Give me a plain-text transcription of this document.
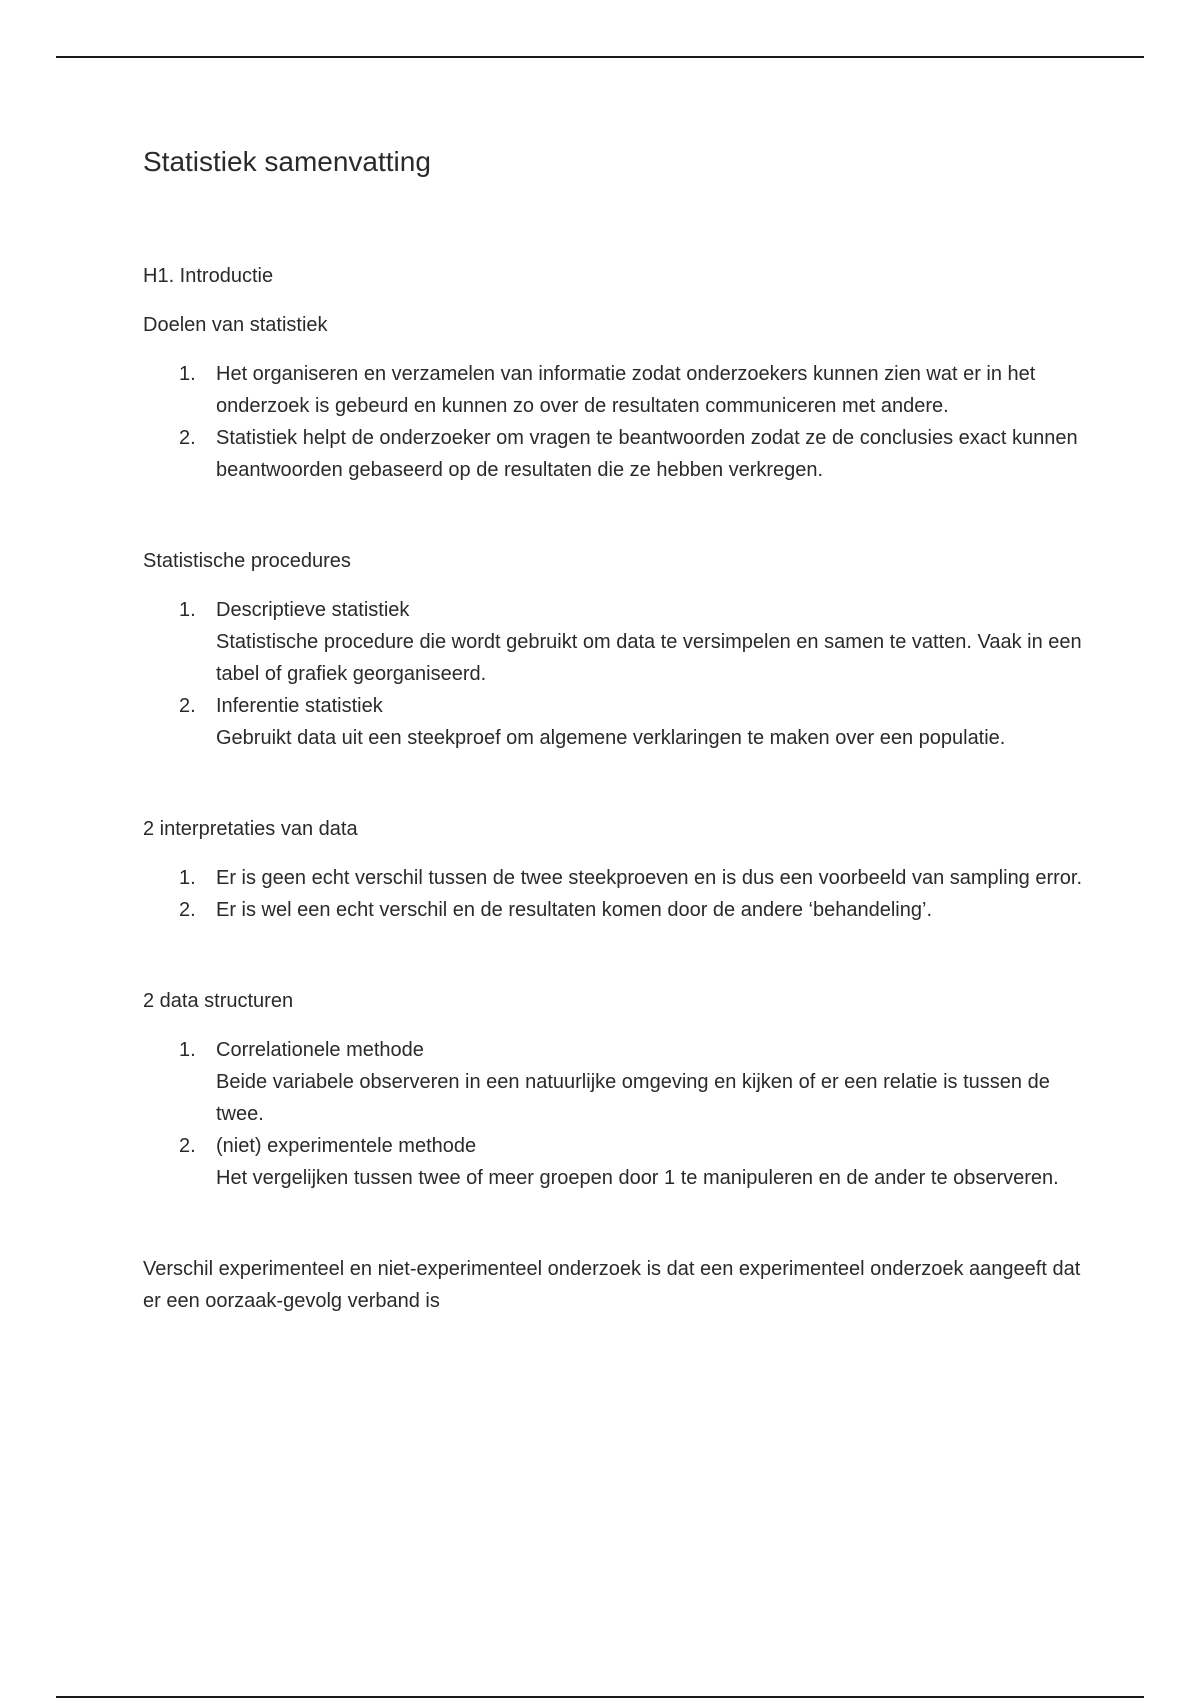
Statistiek samenvatting
H1. Introductie
Doelen van statistiek
1. Het organiseren en verzamelen van informatie zodat onderzoekers kunnen zien wat er in het onderzoek is gebeurd en kunnen zo over de resultaten communiceren met andere.
2. Statistiek helpt de onderzoeker om vragen te beantwoorden zodat ze de conclusies exact kunnen beantwoorden gebaseerd op de resultaten die ze hebben verkregen.
Statistische procedures
1. Descriptieve statistiek
Statistische procedure die wordt gebruikt om data te versimpelen en samen te vatten. Vaak in een tabel of grafiek georganiseerd.
2. Inferentie statistiek
Gebruikt data uit een steekproef om algemene verklaringen te maken over een populatie.
2 interpretaties van data
1. Er is geen echt verschil tussen de twee steekproeven en is dus een voorbeeld van sampling error.
2. Er is wel een echt verschil en de resultaten komen door de andere ‘behandeling’.
2 data structuren
1. Correlationele methode
Beide variabele observeren in een natuurlijke omgeving en kijken of er een relatie is tussen de twee.
2. (niet) experimentele methode
Het vergelijken tussen twee of meer groepen door 1 te manipuleren en de ander te observeren.

Verschil experimenteel en niet-experimenteel onderzoek is dat een experimenteel onderzoek aangeeft dat er een oorzaak-gevolg verband is
